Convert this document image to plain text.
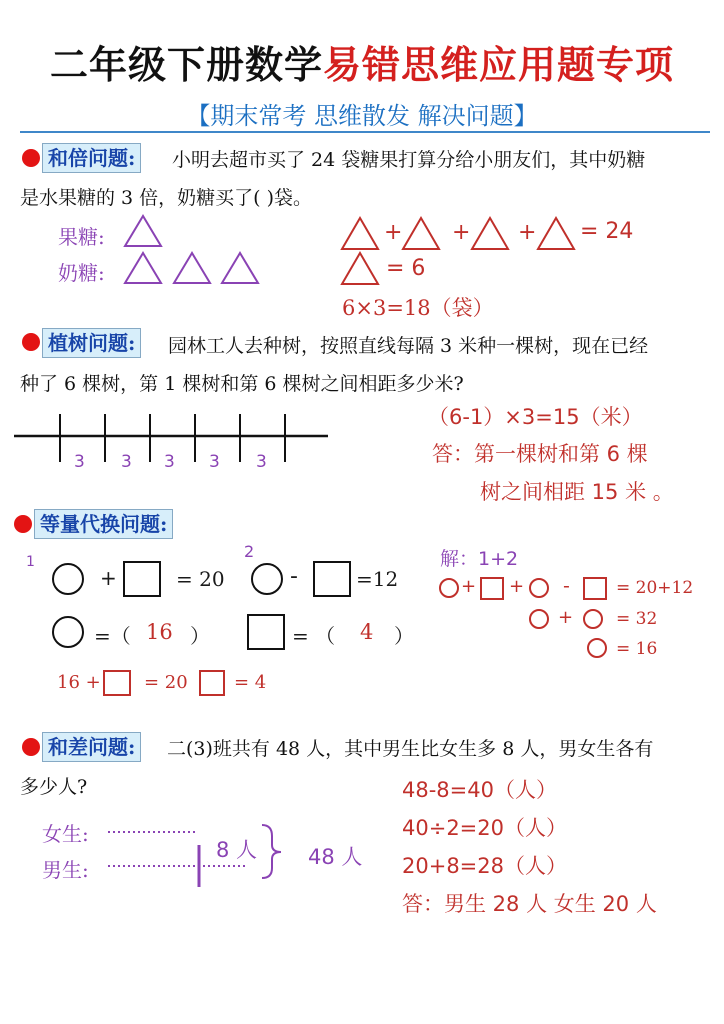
二年级下册数学易错思维应用题专项
【期末常考 思维散发 解决问题】
和倍问题:	小明去超市买了 24 袋糖果打算分给小朋友们，其中奶糖
是水果糖的 3 倍，奶糖买了( )袋。
果糖:
奶糖:
+ + + = 24
= 6
6×3=18（袋）
植树问题:	园林工人去种树，按照直线每隔 3 米种一棵树，现在已经
种了 6 棵树，第 1 棵树和第 6 棵树之间相距多少米?
3 3 3 3 3
（6-1）×3=15（米）
答：第一棵树和第 6 棵
树之间相距 15 米 。
等量代换问题:
1
2
+	= 20	-	=12
=（ 16 ）	= （ 4 ）
16 + = 20	= 4
解：1+2
+ + -	= 20+12
+	= 32
= 16
和差问题:	二(3)班共有 48 人，其中男生比女生多 8 人，男女生各有
多少人?
女生:
男生:
8 人 48 人
48-8=40（人）
40÷2=20（人）
20+8=28（人）
答：男生 28 人 女生 20 人
